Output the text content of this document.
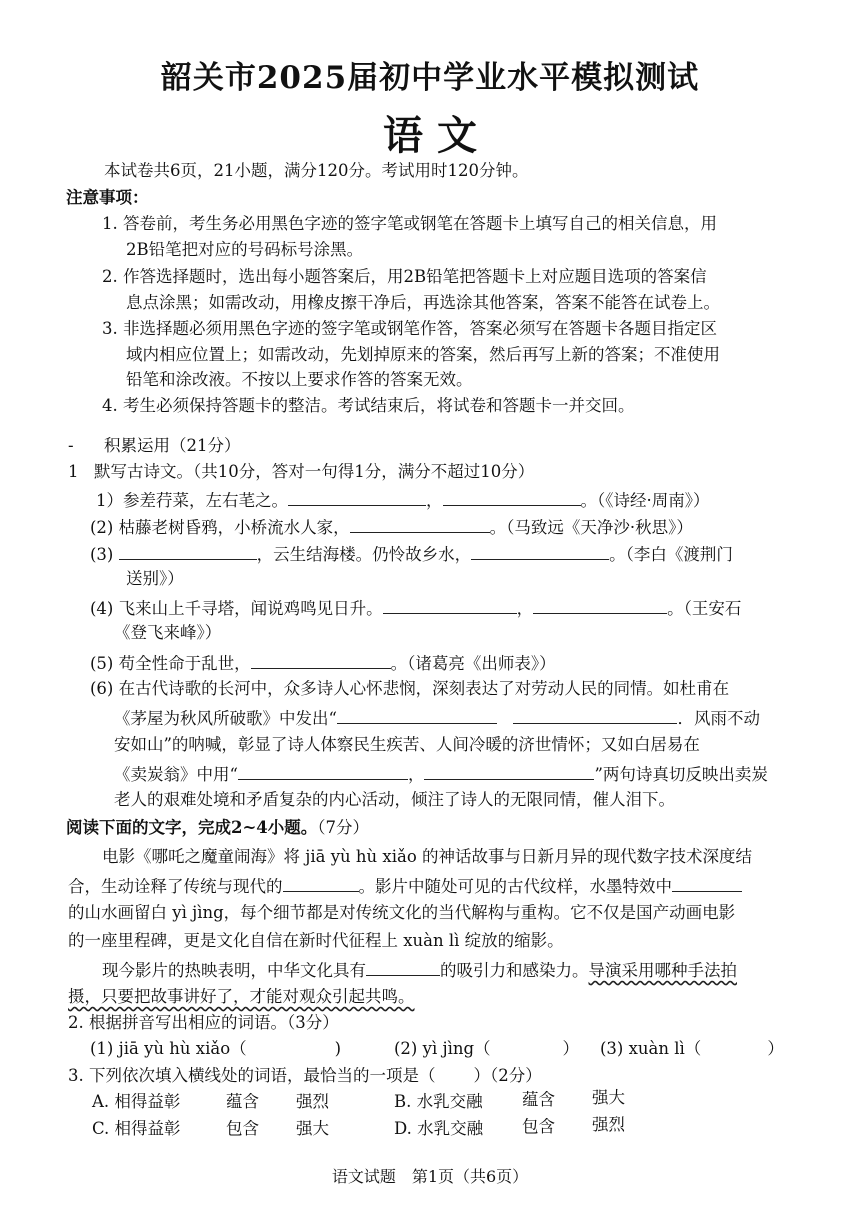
韶关市2025届初中学业水平模拟测试
语 文
本试卷共6页，21小题，满分120分。考试用时120分钟。
注意事项：
1. 答卷前，考生务必用黑色字迹的签字笔或钢笔在答题卡上填写自己的相关信息，用
2B铅笔把对应的号码标号涂黑。
2. 作答选择题时，选出每小题答案后，用2B铅笔把答题卡上对应题目选项的答案信
息点涂黑；如需改动，用橡皮擦干净后，再选涂其他答案，答案不能答在试卷上。
3. 非选择题必须用黑色字迹的签字笔或钢笔作答，答案必须写在答题卡各题目指定区
域内相应位置上；如需改动，先划掉原来的答案，然后再写上新的答案；不准使用
铅笔和涂改液。不按以上要求作答的答案无效。
4. 考生必须保持答题卡的整洁。考试结束后，将试卷和答题卡一并交回。
- 积累运用（21分）
1 默写古诗文。（共10分，答对一句得1分，满分不超过10分）
1）参差荇菜，左右芼之。	，	。（《诗经·周南》）
(2) 枯藤老树昏鸦，小桥流水人家，	。（马致远《天净沙·秋思》）
(3)	，云生结海楼。仍怜故乡水，	。（李白《渡荆门
送别》）
(4) 飞来山上千寻塔，闻说鸡鸣见日升。	，	。（王安石
《登飞来峰》）
(5) 苟全性命于乱世，	。（诸葛亮《出师表》）
(6) 在古代诗歌的长河中，众多诗人心怀悲悯，深刻表达了对劳动人民的同情。如杜甫在
《茅屋为秋风所破歌》中发出“　	．风雨不动
安如山”的呐喊，彰显了诗人体察民生疾苦、人间冷暖的济世情怀；又如白居易在
《卖炭翁》中用“	，	”两句诗真切反映出卖炭
老人的艰难处境和矛盾复杂的内心活动，倾注了诗人的无限同情，催人泪下。
阅读下面的文字，完成2~4小题。（7分）
电影《哪吒之魔童闹海》将 jiā yù hù xiǎo 的神话故事与日新月异的现代数字技术深度结
合，生动诠释了传统与现代的	。影片中随处可见的古代纹样，水墨特效中
的山水画留白 yì jìng，每个细节都是对传统文化的当代解构与重构。它不仅是国产动画电影
的一座里程碑，更是文化自信在新时代征程上 xuàn lì 绽放的缩影。
现今影片的热映表明，中华文化具有	的吸引力和感染力。导演采用哪种手法拍
摄，只要把故事讲好了，才能对观众引起共鸣。
2. 根据拼音写出相应的词语。（3分）
(1) jiā yù hù xiǎo（	)	(2) yì jìng（	） (3) xuàn lì（	）
3. 下列依次填入横线处的词语，最恰当的一项是（ ）（2分）
A. 相得益彰	蕴含 强烈	B. 水乳交融 蕴含 强大
C. 相得益彰	包含 强大	D. 水乳交融 包含 强烈
语文试题　第1页（共6页）
